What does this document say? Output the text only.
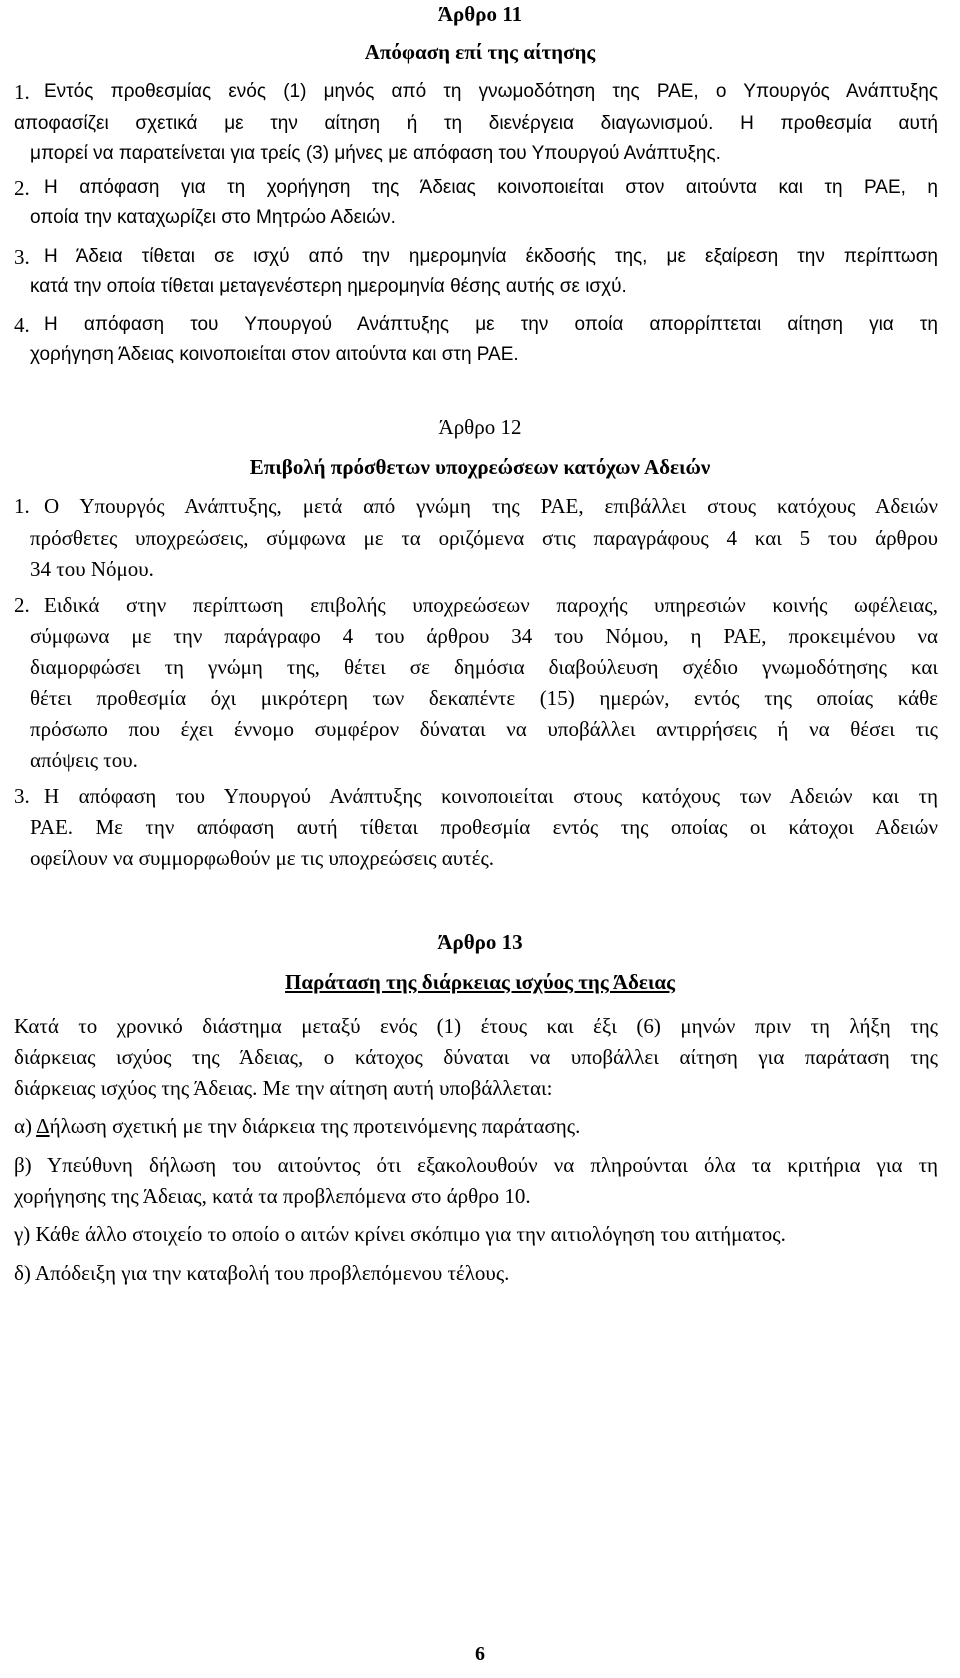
Άρθρο 11
Απόφαση επί της αίτησης
1. Εντός προθεσμίας ενός (1) μηνός από τη γνωμοδότηση της ΡΑΕ, ο Υπουργός Ανάπτυξης
αποφασίζει σχετικά με την αίτηση ή τη διενέργεια διαγωνισμού. Η προθεσμία αυτή
μπορεί να παρατείνεται για τρείς (3) μήνες με απόφαση του Υπουργού Ανάπτυξης.
2. Η απόφαση για τη χορήγηση της Άδειας κοινοποιείται στον αιτούντα και τη ΡΑΕ, η
οποία την καταχωρίζει στο Μητρώο Αδειών.
3. Η Άδεια τίθεται σε ισχύ από την ημερομηνία έκδοσής της, με εξαίρεση την περίπτωση
κατά την οποία τίθεται μεταγενέστερη ημερομηνία θέσης αυτής σε ισχύ.
4. Η απόφαση του Υπουργού Ανάπτυξης με την οποία απορρίπτεται αίτηση για τη
χορήγηση Άδειας κοινοποιείται στον αιτούντα και στη ΡΑΕ.
Άρθρο 12
Επιβολή πρόσθετων υποχρεώσεων κατόχων Αδειών
1. Ο Υπουργός Ανάπτυξης, μετά από γνώμη της ΡΑΕ, επιβάλλει στους κατόχους Αδειών
πρόσθετες υποχρεώσεις, σύμφωνα με τα οριζόμενα στις παραγράφους 4 και 5 του άρθρου
34 του Νόμου.
2. Ειδικά στην περίπτωση επιβολής υποχρεώσεων παροχής υπηρεσιών κοινής ωφέλειας,
σύμφωνα με την παράγραφο 4 του άρθρου 34 του Νόμου, η ΡΑΕ, προκειμένου να
διαμορφώσει τη γνώμη της, θέτει σε δημόσια διαβούλευση σχέδιο γνωμοδότησης και
θέτει προθεσμία όχι μικρότερη των δεκαπέντε (15) ημερών, εντός της οποίας κάθε
πρόσωπο που έχει έννομο συμφέρον δύναται να υποβάλλει αντιρρήσεις ή να θέσει τις
απόψεις του.
3. Η απόφαση του Υπουργού Ανάπτυξης κοινοποιείται στους κατόχους των Αδειών και τη
ΡΑΕ. Με την απόφαση αυτή τίθεται προθεσμία εντός της οποίας οι κάτοχοι Αδειών
οφείλουν να συμμορφωθούν με τις υποχρεώσεις αυτές.
Άρθρο 13
Παράταση της διάρκειας ισχύος της Άδειας
Κατά το χρονικό διάστημα μεταξύ ενός (1) έτους και έξι (6) μηνών πριν τη λήξη της
διάρκειας ισχύος της Άδειας, ο κάτοχος δύναται να υποβάλλει αίτηση για παράταση της
διάρκειας ισχύος της Άδειας. Με την αίτηση αυτή υποβάλλεται:
α) Δήλωση σχετική με την διάρκεια της προτεινόμενης παράτασης.
β) Υπεύθυνη δήλωση του αιτούντος ότι εξακολουθούν να πληρούνται όλα τα κριτήρια για τη
χορήγησης της Άδειας, κατά τα προβλεπόμενα στο άρθρο 10.
γ) Κάθε άλλο στοιχείο το οποίο ο αιτών κρίνει σκόπιμο για την αιτιολόγηση του αιτήματος.
δ) Απόδειξη για την καταβολή του προβλεπόμενου τέλους.
6
